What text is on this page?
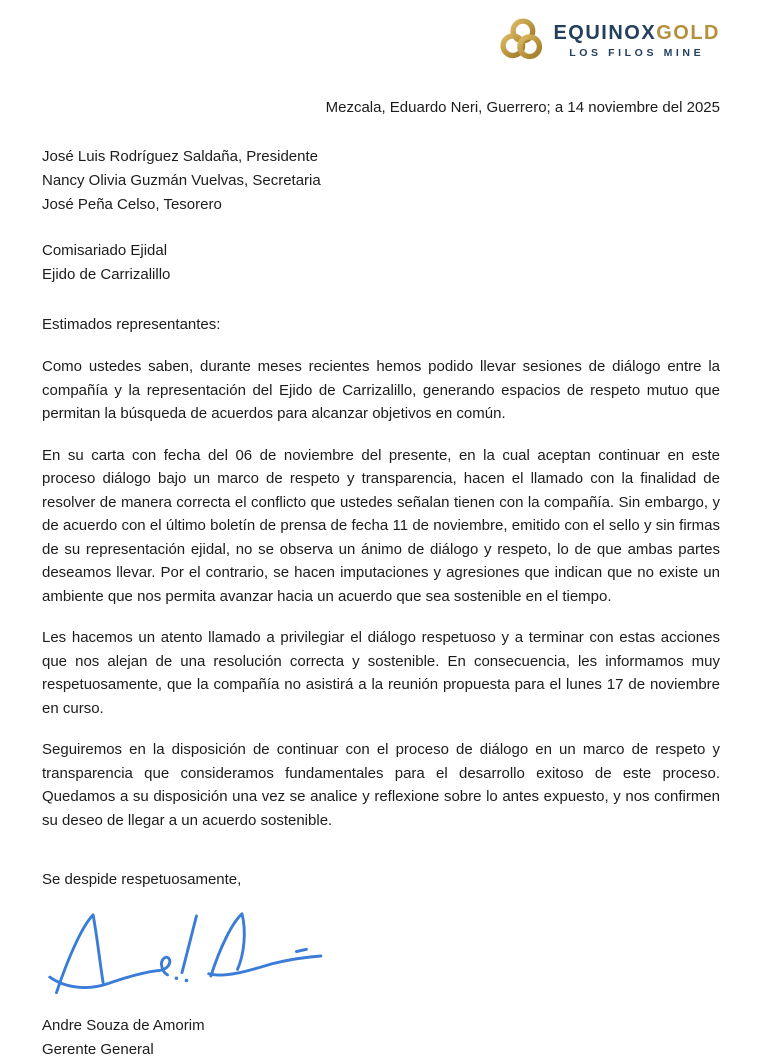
EQUINOXGOLD
LOS FILOS MINE
Mezcala, Eduardo Neri, Guerrero; a 14 noviembre del 2025
José Luis Rodríguez Saldaña, Presidente
Nancy Olivia Guzmán Vuelvas, Secretaria
José Peña Celso, Tesorero
Comisariado Ejidal
Ejido de Carrizalillo
Estimados representantes:

Como ustedes saben, durante meses recientes hemos podido llevar sesiones de diálogo entre la compañía y la representación del Ejido de Carrizalillo, generando espacios de respeto mutuo que permitan la búsqueda de acuerdos para alcanzar objetivos en común.

En su carta con fecha del 06 de noviembre del presente, en la cual aceptan continuar en este proceso diálogo bajo un marco de respeto y transparencia, hacen el llamado con la finalidad de resolver de manera correcta el conflicto que ustedes señalan tienen con la compañía. Sin embargo, y de acuerdo con el último boletín de prensa de fecha 11 de noviembre, emitido con el sello y sin firmas de su representación ejidal, no se observa un ánimo de diálogo y respeto, lo de que ambas partes deseamos llevar. Por el contrario, se hacen imputaciones y agresiones que indican que no existe un ambiente que nos permita avanzar hacia un acuerdo que sea sostenible en el tiempo.

Les hacemos un atento llamado a privilegiar el diálogo respetuoso y a terminar con estas acciones que nos alejan de una resolución correcta y sostenible. En consecuencia, les informamos muy respetuosamente, que la compañía no asistirá a la reunión propuesta para el lunes 17 de noviembre en curso.

Seguiremos en la disposición de continuar con el proceso de diálogo en un marco de respeto y transparencia que consideramos fundamentales para el desarrollo exitoso de este proceso. Quedamos a su disposición una vez se analice y reflexione sobre lo antes expuesto, y nos confirmen su deseo de llegar a un acuerdo sostenible.

Se despide respetuosamente,
Andre Souza de Amorim
Gerente General
